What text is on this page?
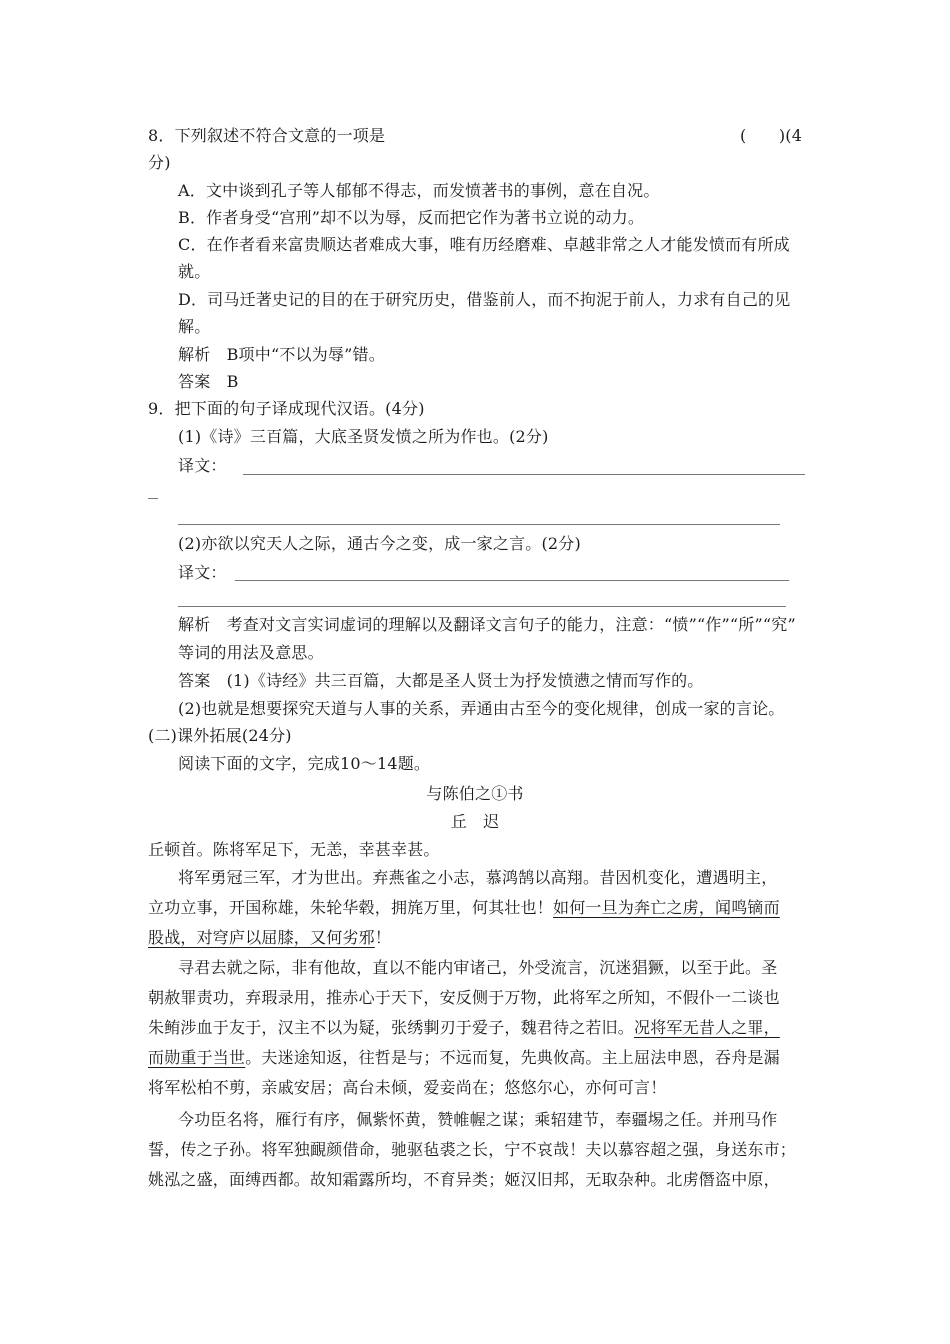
8．下列叙述不符合文意的一项是	(　　)(4
分)
A．文中谈到孔子等人郁郁不得志，而发愤著书的事例，意在自况。
B．作者身受“宫刑”却不以为辱，反而把它作为著书立说的动力。
C．在作者看来富贵顺达者难成大事，唯有历经磨难、卓越非常之人才能发愤而有所成
就。
D．司马迁著史记的目的在于研究历史，借鉴前人，而不拘泥于前人，力求有自己的见
解。
解析　B项中“不以为辱”错。
答案　B
9．把下面的句子译成现代汉语。(4分)
(1)《诗》三百篇，大底圣贤发愤之所为作也。(2分)
译文：
(2)亦欲以究天人之际，通古今之变，成一家之言。(2分)
译文：
解析　考查对文言实词虚词的理解以及翻译文言句子的能力，注意：“愤”“作”“所”“究”
等词的用法及意思。
答案　(1)《诗经》共三百篇，大都是圣人贤士为抒发愤懑之情而写作的。
(2)也就是想要探究天道与人事的关系，弄通由古至今的变化规律，创成一家的言论。
(二)课外拓展(24分)
阅读下面的文字，完成10～14题。
与陈伯之①书
丘　迟
丘顿首。陈将军足下，无恙，幸甚幸甚。
将军勇冠三军，才为世出。弃燕雀之小志，慕鸿鹄以高翔。昔因机变化，遭遇明主，
立功立事，开国称雄，朱轮华毂，拥旄万里，何其壮也！如何一旦为奔亡之虏，闻鸣镝而
股战，对穹庐以屈膝，又何劣邪！
寻君去就之际，非有他故，直以不能内审诸己，外受流言，沉迷猖獗，以至于此。圣
朝赦罪责功，弃瑕录用，推赤心于天下，安反侧于万物，此将军之所知，不假仆一二谈也
朱鲔涉血于友于，汉主不以为疑，张绣剚刃于爱子，魏君待之若旧。况将军无昔人之罪，
而勋重于当世。夫迷途知返，往哲是与；不远而复，先典攸高。主上屈法申恩，吞舟是漏
将军松柏不剪，亲戚安居；高台未倾，爱妾尚在；悠悠尔心，亦何可言！
今功臣名将，雁行有序，佩紫怀黄，赞帷幄之谋；乘轺建节，奉疆埸之任。并刑马作
誓，传之子孙。将军独靦颜借命，驰驱毡裘之长，宁不哀哉！夫以慕容超之强，身送东市；
姚泓之盛，面缚西都。故知霜露所均，不育异类；姬汉旧邦，无取杂种。北虏僭盗中原，
